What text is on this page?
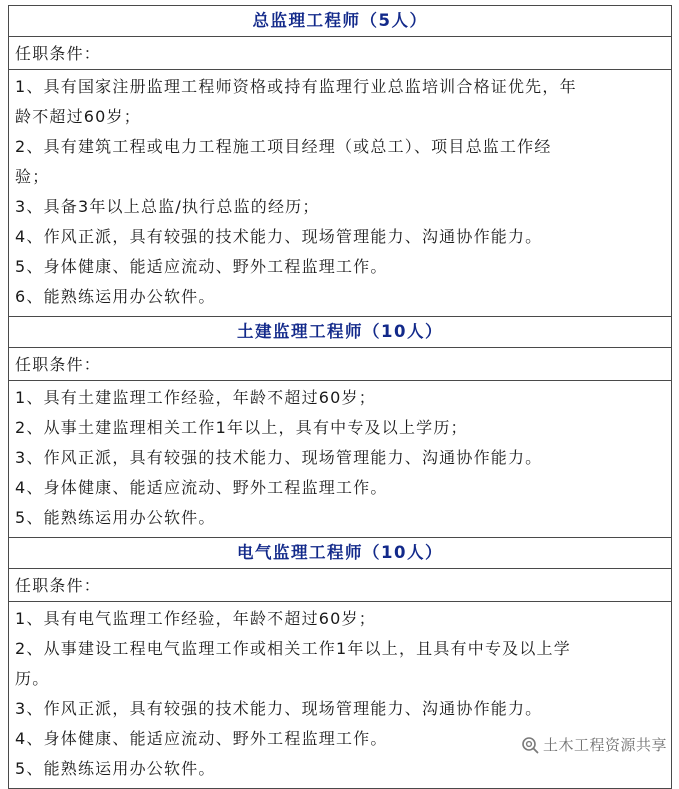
总监理工程师（5人）
任职条件：
1、具有国家注册监理工程师资格或持有监理行业总监培训合格证优先，年
龄不超过60岁；
2、具有建筑工程或电力工程施工项目经理（或总工）、项目总监工作经
验；
3、具备3年以上总监/执行总监的经历；
4、作风正派，具有较强的技术能力、现场管理能力、沟通协作能力。
5、身体健康、能适应流动、野外工程监理工作。
6、能熟练运用办公软件。
土建监理工程师（10人）
任职条件：
1、具有土建监理工作经验，年龄不超过60岁；
2、从事土建监理相关工作1年以上，具有中专及以上学历；
3、作风正派，具有较强的技术能力、现场管理能力、沟通协作能力。
4、身体健康、能适应流动、野外工程监理工作。
5、能熟练运用办公软件。
电气监理工程师（10人）
任职条件：
1、具有电气监理工作经验，年龄不超过60岁；
2、从事建设工程电气监理工作或相关工作1年以上，且具有中专及以上学
历。
3、作风正派，具有较强的技术能力、现场管理能力、沟通协作能力。
4、身体健康、能适应流动、野外工程监理工作。
5、能熟练运用办公软件。
土木工程资源共享
